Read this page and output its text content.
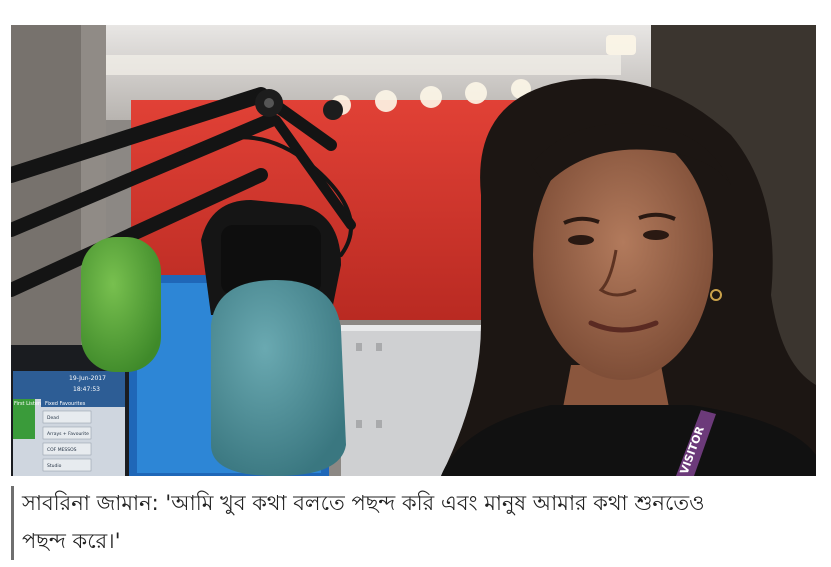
19-Jun-2017
18:47:53
First Listen Fixed Favourites
Dead
Arrays + Favourite
COF MESSOS
Studio	VISITOR

সাবরিনা জামান: 'আমি খুব কথা বলতে পছন্দ করি এবং মানুষ আমার কথা শুনতেও পছন্দ করে।'
